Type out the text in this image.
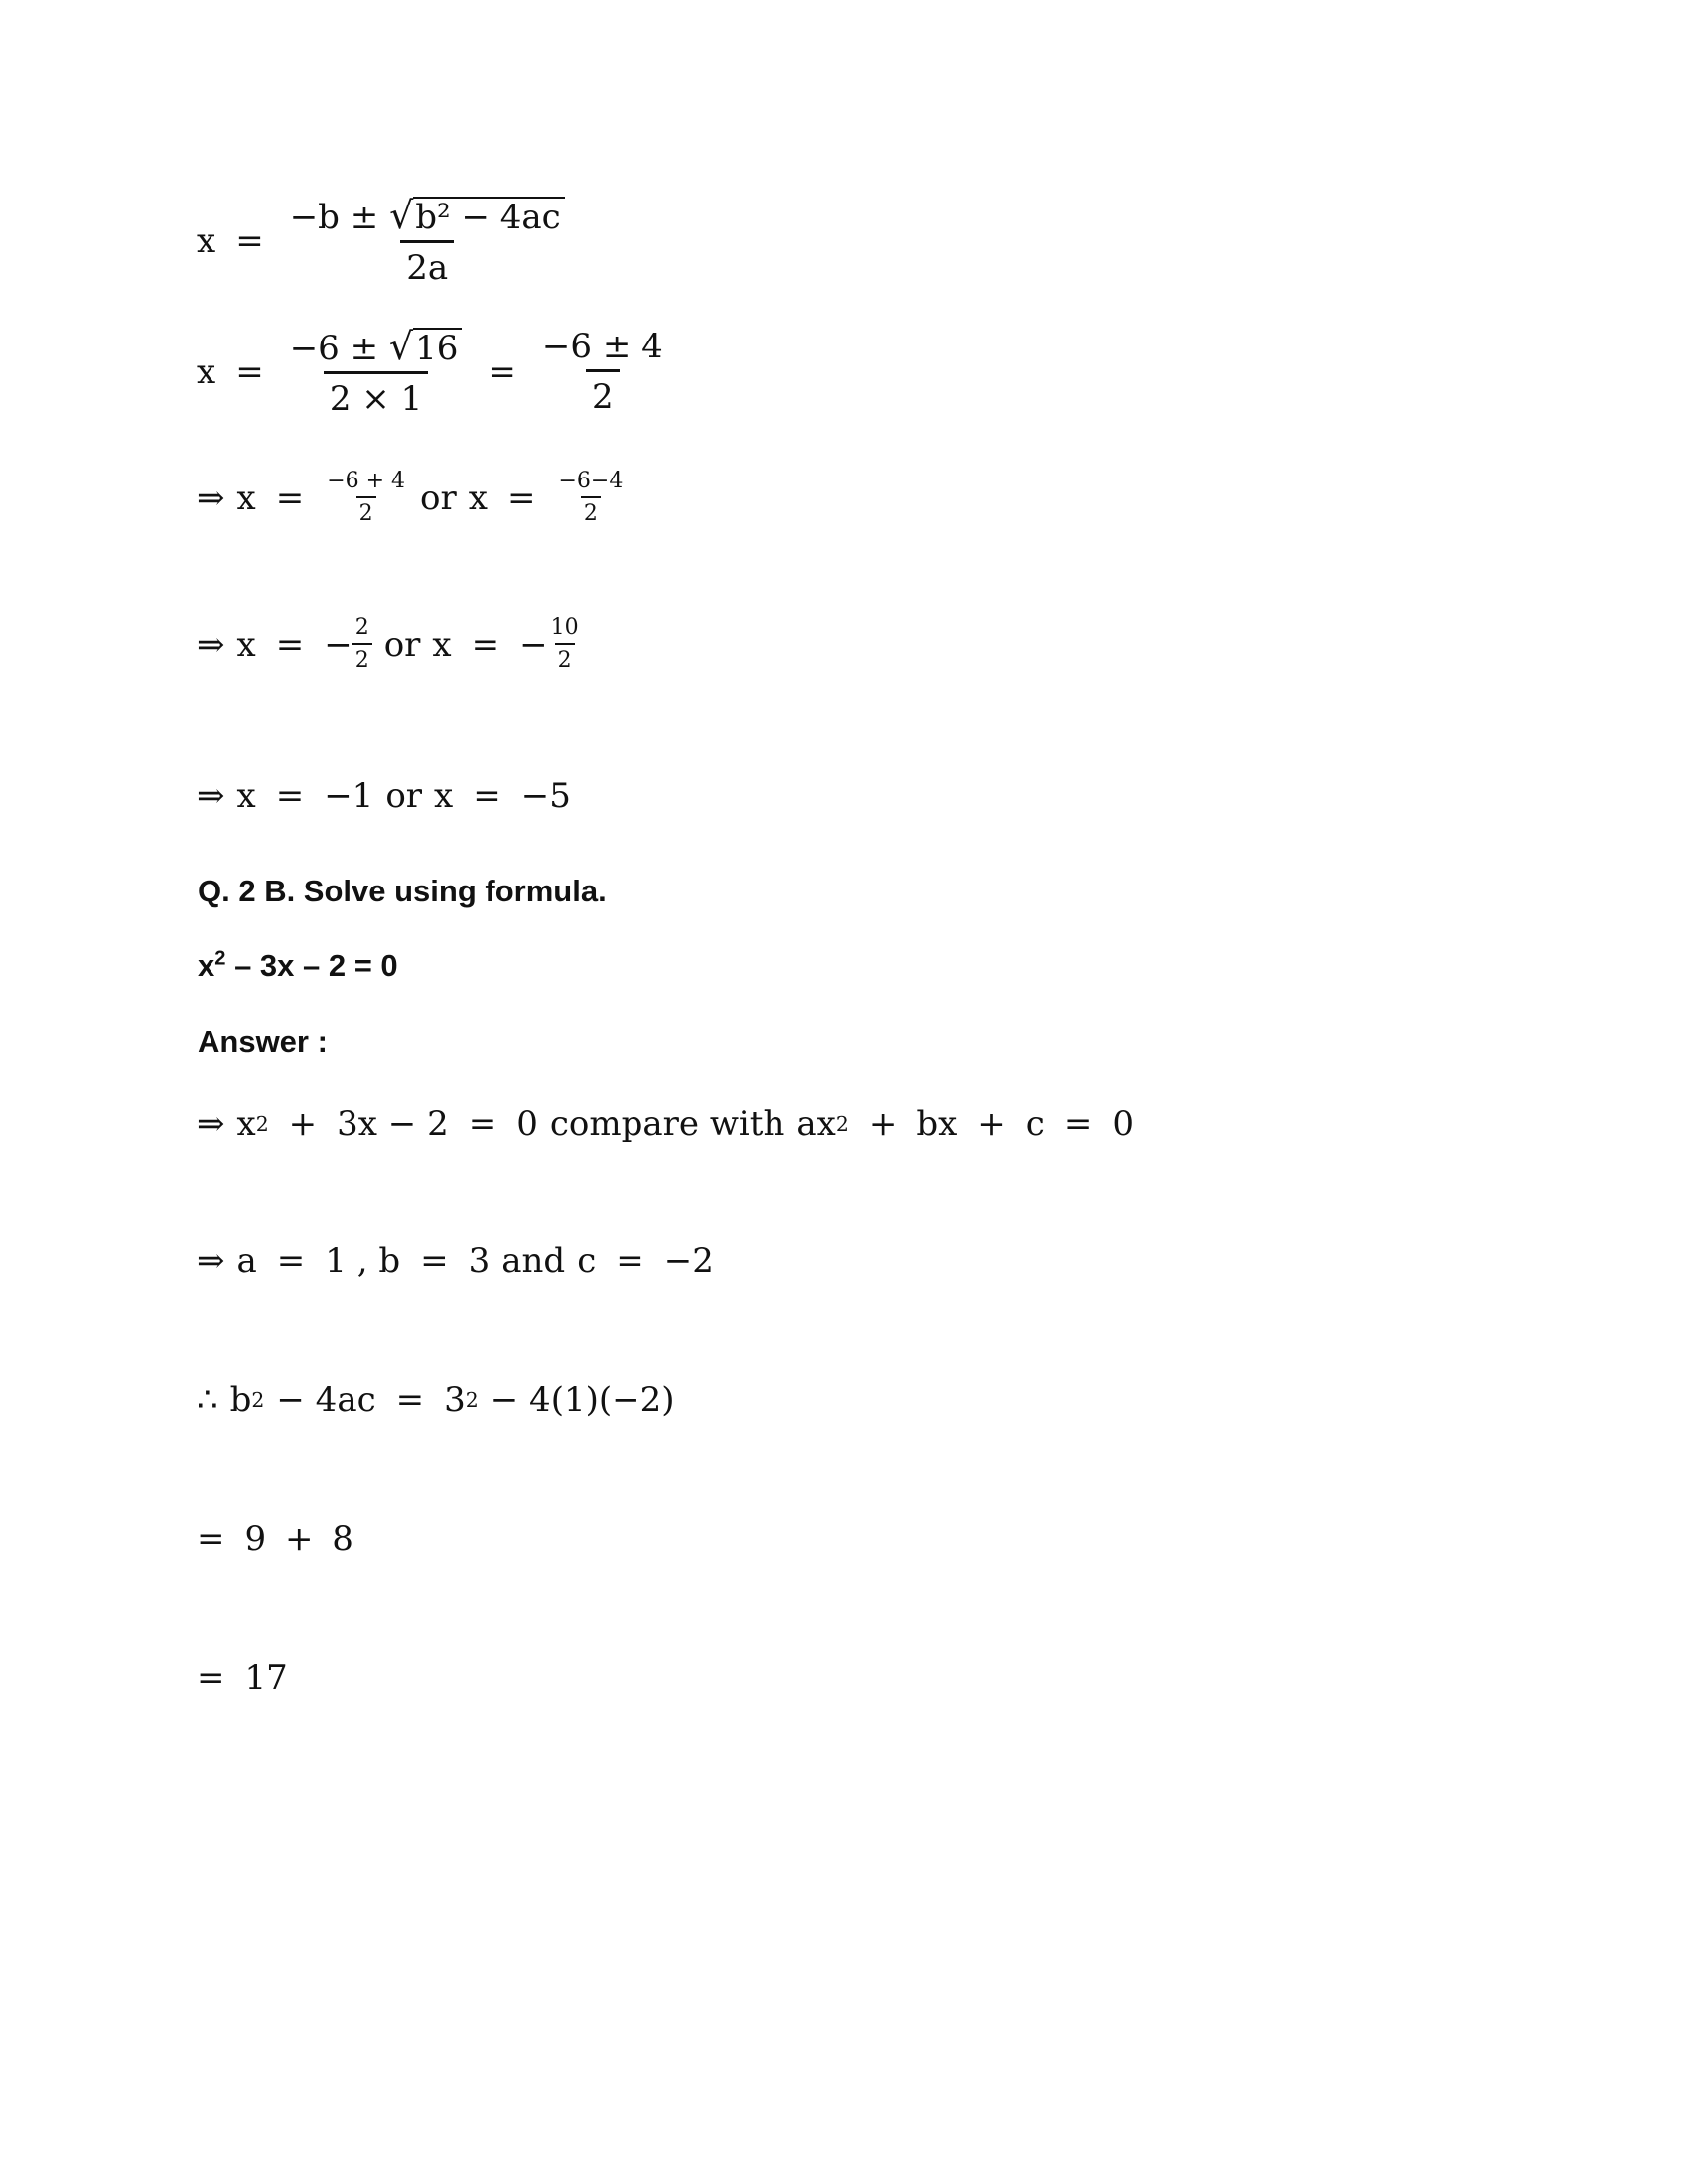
$x = \frac{\text{−b ± √ b² − 4ac}}{2a}$
$x = \frac{-6 \pm √ 16}{2 \times 1} = \frac{-6 \pm 4}{2}$
⇒ $x = \frac{-6 + 4}{2}$ or $x = \frac{-6-4}{2}$
⇒ x = − $\frac{2}{2}$ or x = − $\frac{10}{2}$
⇒ x = −1 or x = −5
Q. 2 B. Solve using formula.
$x^2 - 3x - 2 = 0$
Answer :
⇒ x 2 + 3x − 2 = 0 compare with ax 2 + bx + c = 0
⇒ a = 1 , b = 3 and c = −2
∴ b 2 − 4ac = 3 2 − 4(1)(−2)
= 9 + 8
= 17
